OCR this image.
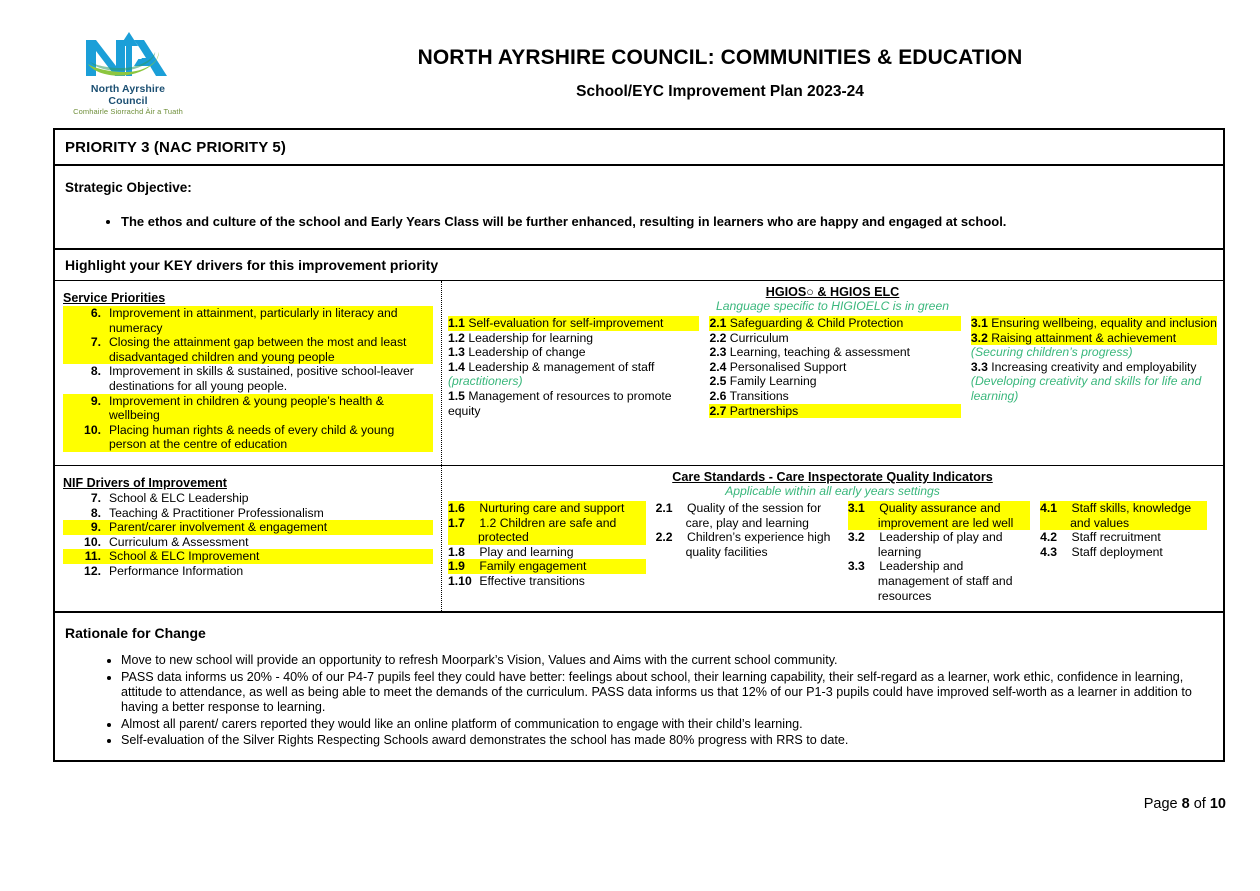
North Ayrshire Council
Comhairle Siorrachd Àir a Tuath
NORTH AYRSHIRE COUNCIL: COMMUNITIES & EDUCATION
School/EYC Improvement Plan 2023-24
PRIORITY 3 (NAC PRIORITY 5)
Strategic Objective:
• The ethos and culture of the school and Early Years Class will be further enhanced, resulting in learners who are happy and engaged at school.
Highlight your KEY drivers for this improvement priority
Service Priorities
6. Improvement in attainment, particularly in literacy and numeracy
7. Closing the attainment gap between the most and least disadvantaged children and young people
8. Improvement in skills & sustained, positive school-leaver destinations for all young people.
9. Improvement in children & young people’s health & wellbeing
10. Placing human rights & needs of every child & young person at the centre of education
HGIOS○ & HGIOS ELC
Language specific to HIGIOELC is in green
1.1 Self-evaluation for self-improvement
1.2 Leadership for learning
1.3 Leadership of change
1.4 Leadership & management of staff
(practitioners)
1.5 Management of resources to promote equity
2.1 Safeguarding & Child Protection
2.2 Curriculum
2.3 Learning, teaching & assessment
2.4 Personalised Support
2.5 Family Learning
2.6 Transitions
2.7 Partnerships
3.1 Ensuring wellbeing, equality and inclusion
3.2 Raising attainment & achievement
(Securing children’s progress)
3.3 Increasing creativity and employability
(Developing creativity and skills for life and learning)
NIF Drivers of Improvement
7. School & ELC Leadership
8. Teaching & Practitioner Professionalism
9. Parent/carer involvement & engagement
10. Curriculum & Assessment
11. School & ELC Improvement
12. Performance Information
Care Standards - Care Inspectorate Quality Indicators
Applicable within all early years settings
1.6 Nurturing care and support
1.7 1.2 Children are safe and protected
1.8 Play and learning
1.9 Family engagement
1.10 Effective transitions
2.1 Quality of the session for care, play and learning
2.2 Children’s experience high quality facilities
3.1 Quality assurance and improvement are led well
3.2 Leadership of play and learning
3.3 Leadership and management of staff and resources
4.1 Staff skills, knowledge and values
4.2 Staff recruitment
4.3 Staff deployment
Rationale for Change
• Move to new school will provide an opportunity to refresh Moorpark’s Vision, Values and Aims with the current school community.
• PASS data informs us 20% - 40% of our P4-7 pupils feel they could have better: feelings about school, their learning capability, their self-regard as a learner, work ethic, confidence in learning, attitude to attendance, as well as being able to meet the demands of the curriculum. PASS data informs us that 12% of our P1-3 pupils could have improved self-worth as a learner in addition to having a better response to learning.
• Almost all parent/ carers reported they would like an online platform of communication to engage with their child’s learning.
• Self-evaluation of the Silver Rights Respecting Schools award demonstrates the school has made 80% progress with RRS to date.
Page 8 of 10
